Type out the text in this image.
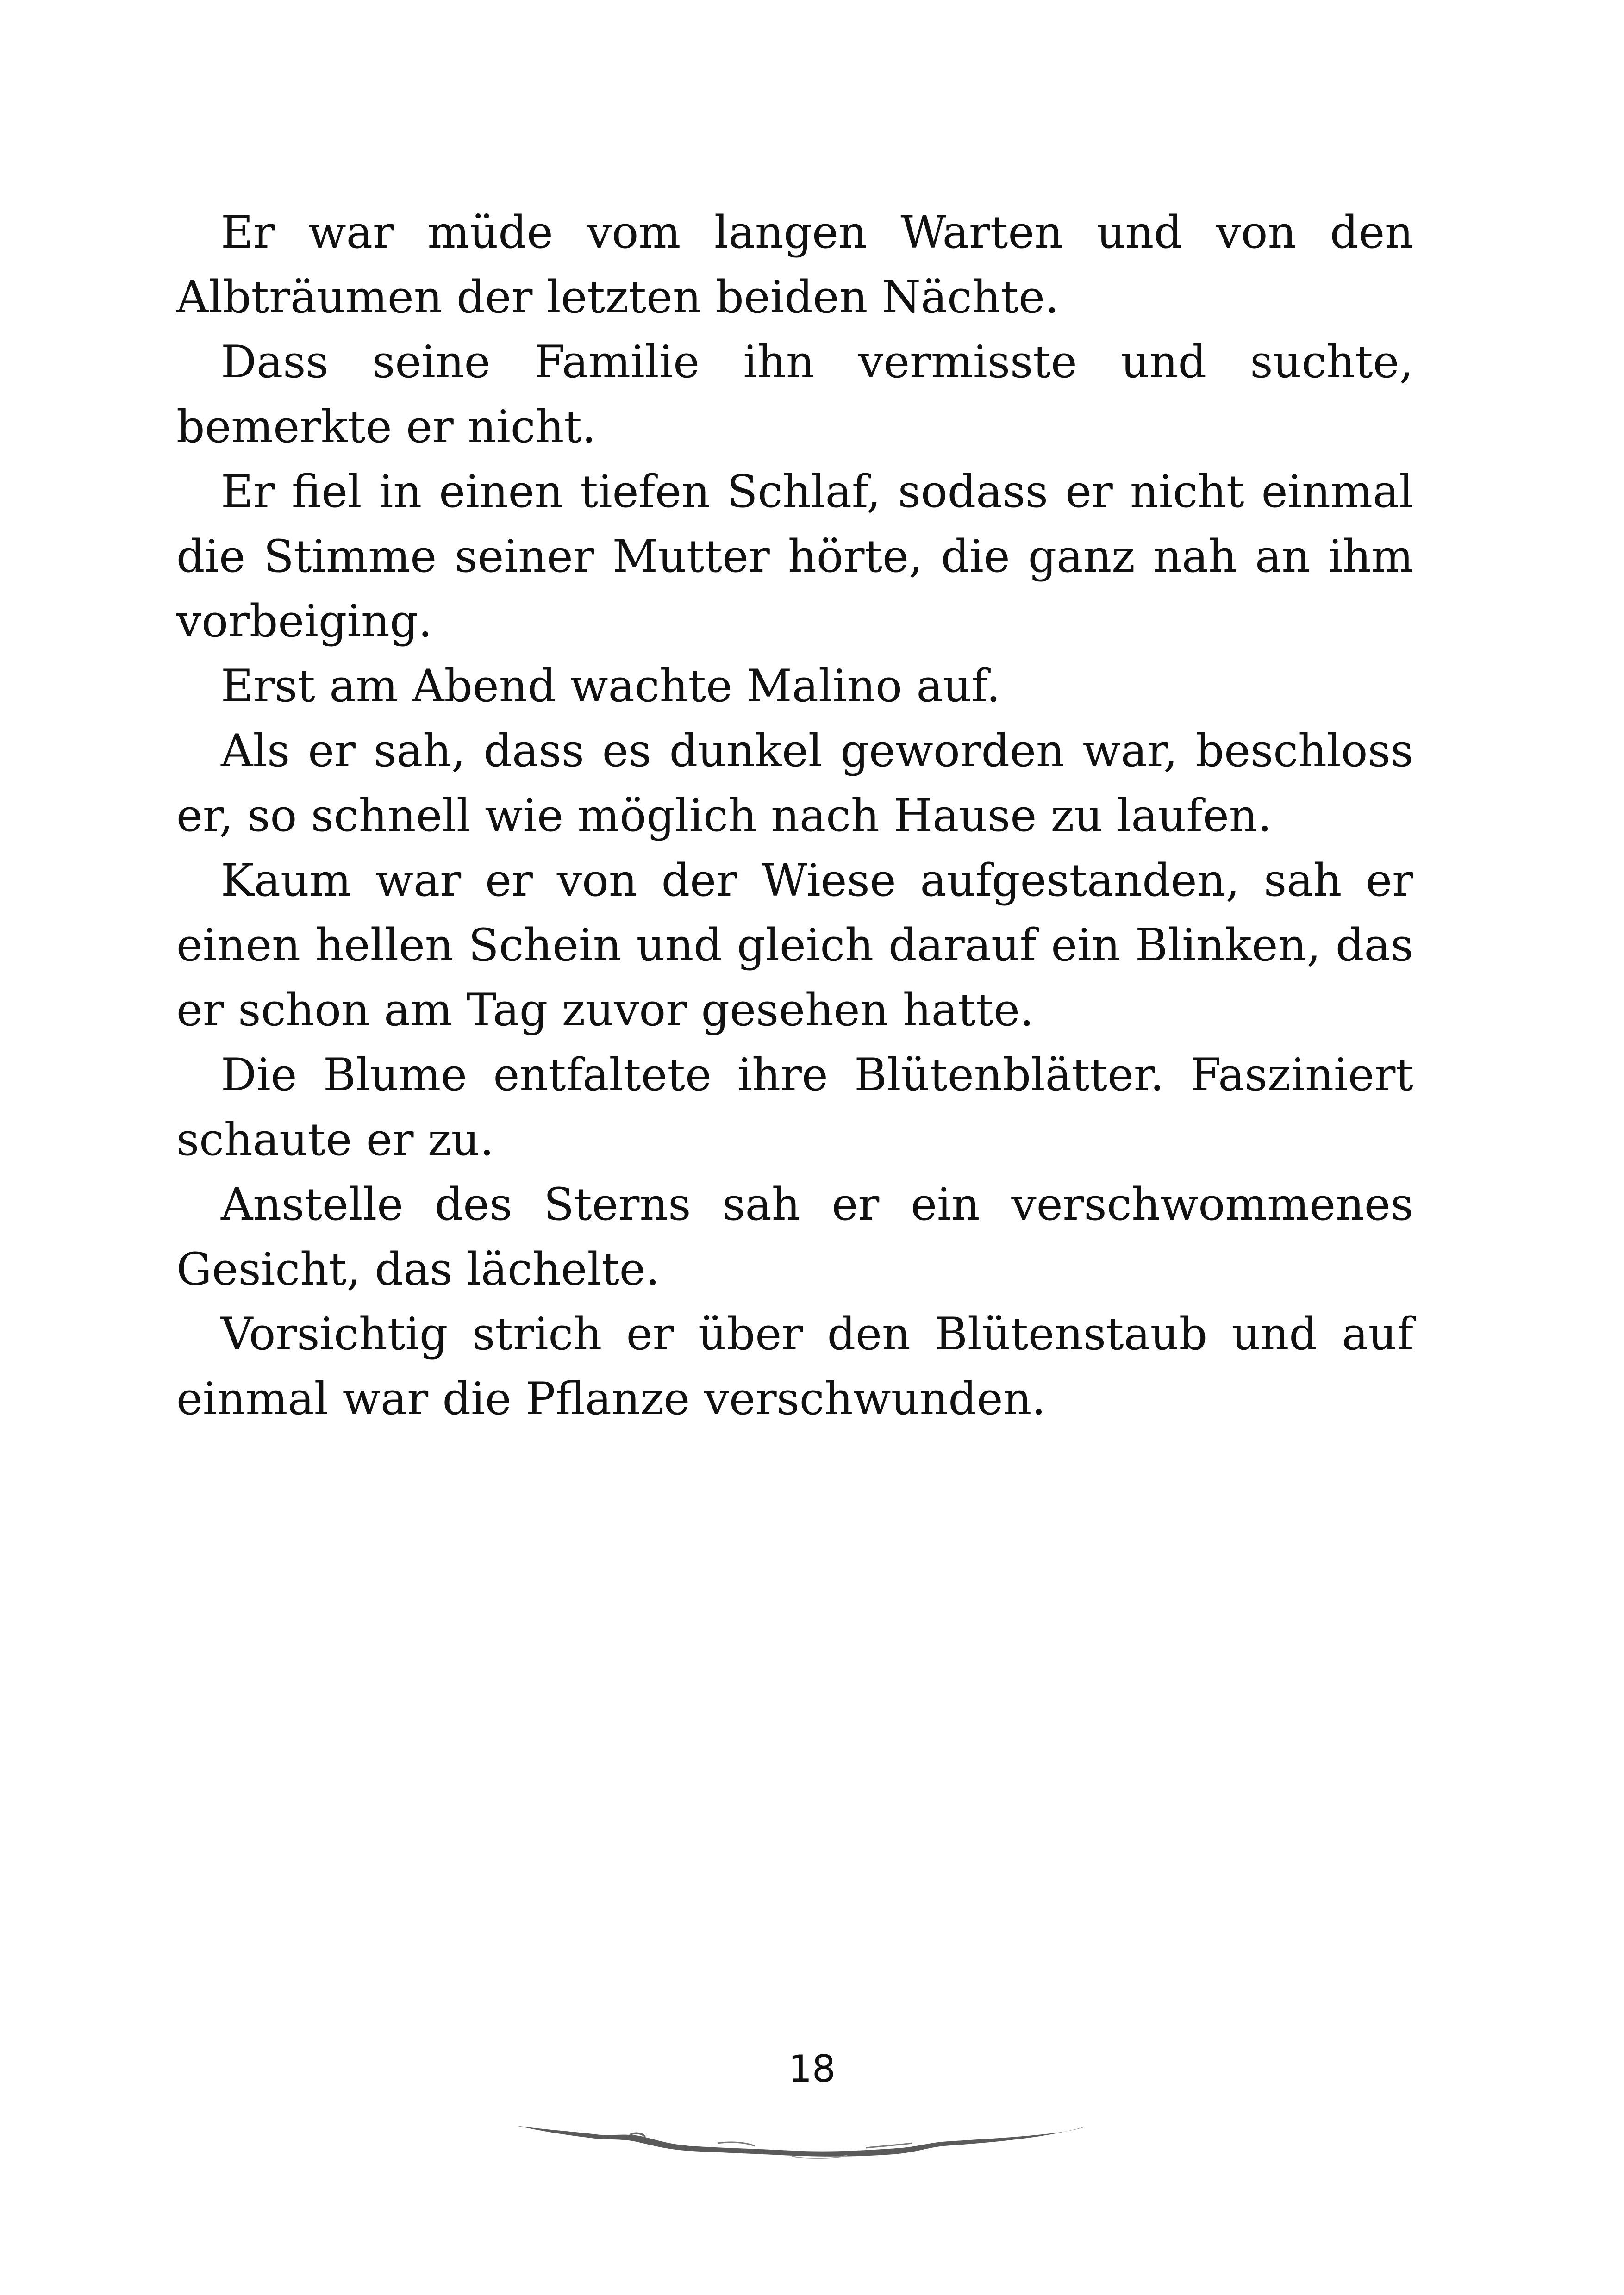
Er war müde vom langen Warten und von den Albträumen der letzten beiden Nächte.

Dass seine Familie ihn vermisste und suchte, bemerkte er nicht.

Er fiel in einen tiefen Schlaf, sodass er nicht einmal die Stimme seiner Mutter hörte, die ganz nah an ihm vorbeiging.

Erst am Abend wachte Malino auf.

Als er sah, dass es dunkel geworden war, beschloss er, so schnell wie möglich nach Hause zu laufen.

Kaum war er von der Wiese aufgestanden, sah er einen hellen Schein und gleich darauf ein Blinken, das er schon am Tag zuvor gesehen hatte.

Die Blume entfaltete ihre Blütenblätter. Fasziniert schaute er zu.

Anstelle des Sterns sah er ein verschwommenes Gesicht, das lächelte.

Vorsichtig strich er über den Blütenstaub und auf einmal war die Pflanze verschwunden.

18
